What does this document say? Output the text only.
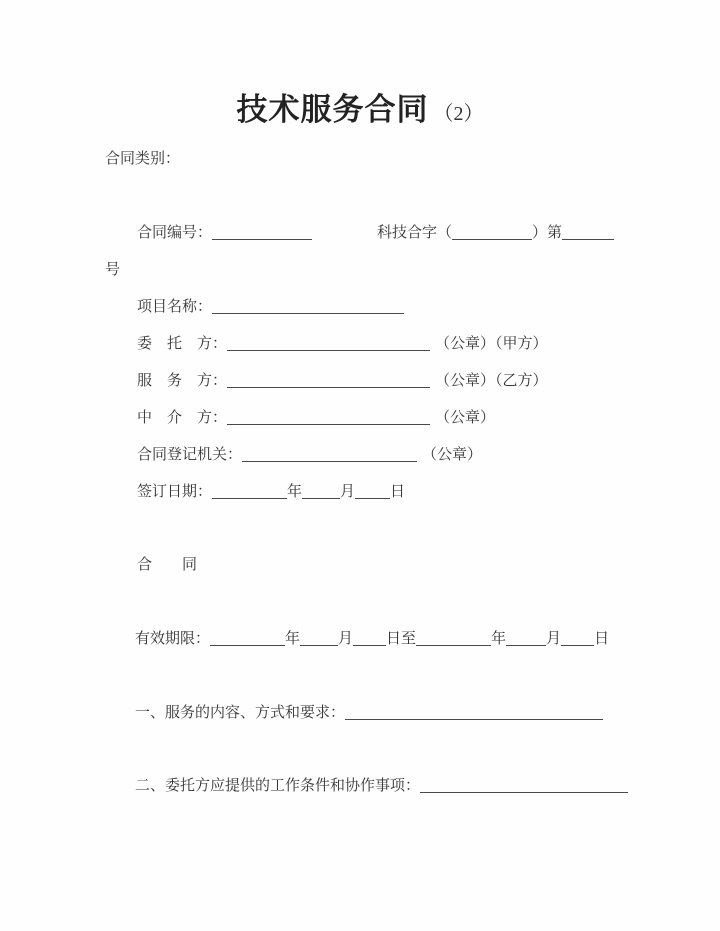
技术服务合同 （2）
合同类别：
合同编号：	科技合字（	）第
号
项目名称：
委　托　方：	（公章）（甲方）
服　务　方：	（公章）（乙方）
中　介　方：	（公章）
合同登记机关：	（公章）
签订日期：	年	月 日
合　　同
有效期限：	年	月 日至	年	月 日
一、服务的内容、方式和要求：
二、委托方应提供的工作条件和协作事项：
